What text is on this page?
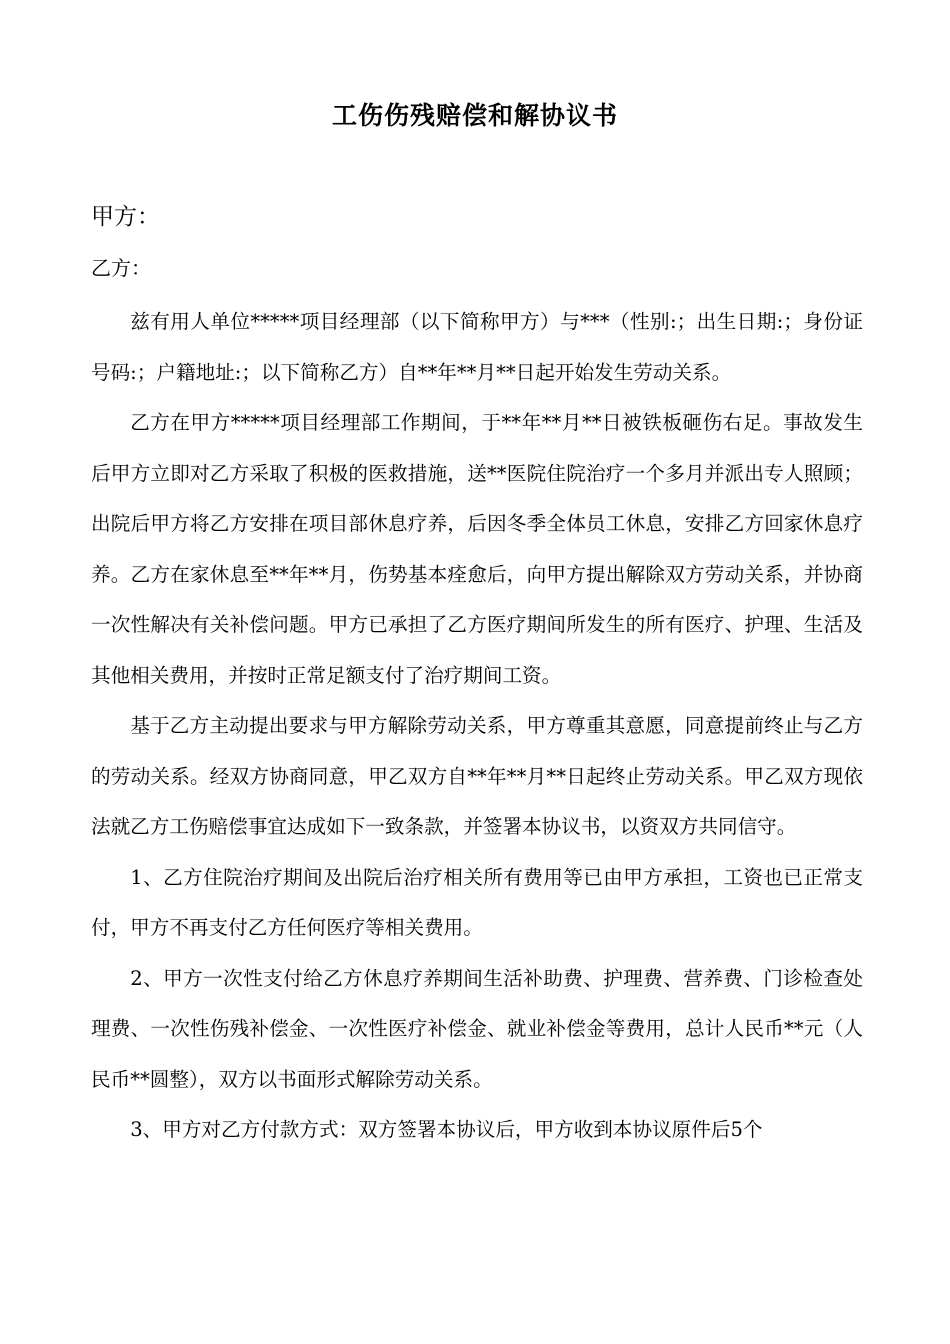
工伤伤残赔偿和解协议书
甲方：
乙方：

兹有用人单位*****项目经理部（以下简称甲方）与***（性别:；出生日期:；身份证号码:；户籍地址:；以下简称乙方）自**年**月**日起开始发生劳动关系。

乙方在甲方*****项目经理部工作期间，于**年**月**日被铁板砸伤右足。事故发生后甲方立即对乙方采取了积极的医救措施，送**医院住院治疗一个多月并派出专人照顾；出院后甲方将乙方安排在项目部休息疗养，后因冬季全体员工休息，安排乙方回家休息疗养。乙方在家休息至**年**月，伤势基本痊愈后，向甲方提出解除双方劳动关系，并协商一次性解决有关补偿问题。甲方已承担了乙方医疗期间所发生的所有医疗、护理、生活及其他相关费用，并按时正常足额支付了治疗期间工资。

基于乙方主动提出要求与甲方解除劳动关系，甲方尊重其意愿，同意提前终止与乙方的劳动关系。经双方协商同意，甲乙双方自**年**月**日起终止劳动关系。甲乙双方现依法就乙方工伤赔偿事宜达成如下一致条款，并签署本协议书，以资双方共同信守。

1、乙方住院治疗期间及出院后治疗相关所有费用等已由甲方承担，工资也已正常支付，甲方不再支付乙方任何医疗等相关费用。

2、甲方一次性支付给乙方休息疗养期间生活补助费、护理费、营养费、门诊检查处理费、一次性伤残补偿金、一次性医疗补偿金、就业补偿金等费用，总计人民币**元（人民币**圆整），双方以书面形式解除劳动关系。

3、甲方对乙方付款方式：双方签署本协议后，甲方收到本协议原件后5个
